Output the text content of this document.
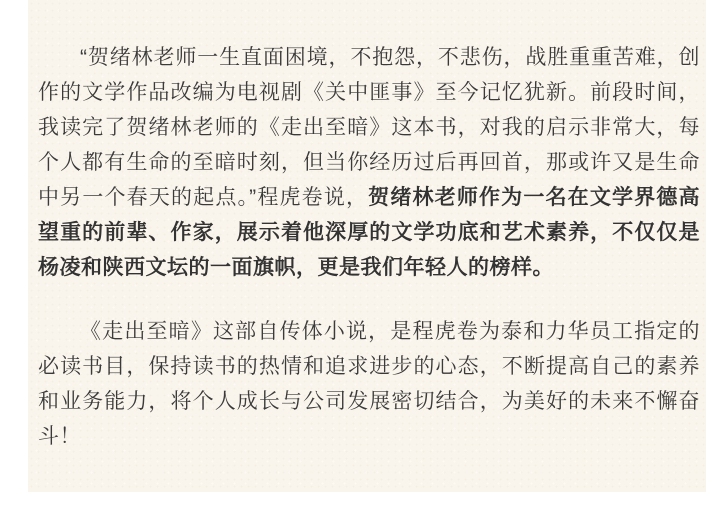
“贺绪林老师一生直面困境，不抱怨，不悲伤，战胜重重苦难，创作的文学作品改编为电视剧《关中匪事》至今记忆犹新。前段时间，我读完了贺绪林老师的《走出至暗》这本书，对我的启示非常大，每个人都有生命的至暗时刻，但当你经历过后再回首，那或许又是生命中另一个春天的起点。”程虎卷说，贺绪林老师作为一名在文学界德高望重的前辈、作家，展示着他深厚的文学功底和艺术素养，不仅仅是杨凌和陕西文坛的一面旗帜，更是我们年轻人的榜样。

《走出至暗》这部自传体小说，是程虎卷为泰和力华员工指定的必读书目，保持读书的热情和追求进步的心态，不断提高自己的素养和业务能力，将个人成长与公司发展密切结合，为美好的未来不懈奋斗！
